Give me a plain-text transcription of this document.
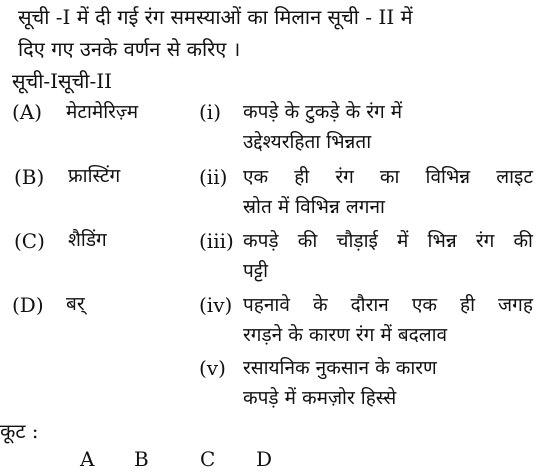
सूची -I में दी गई रंग समस्याओं का मिलान सूची - II में
दिए गए उनके वर्णन से करिए ।
सूची-Iसूची-II
(A) मेटामेरिज़्म
(B) फ्रास्टिंग
(C) शैडिंग
(D) बर्
(i) कपड़े के टुकड़े के रंग में
उद्देश्यरहिता भिन्नता
(ii) एक ही रंग का विभिन्न लाइट
स्रोत में विभिन्न लगना
(iii) कपड़े की चौड़ाई में भिन्न रंग की
पट्टी
(iv) पहनावे के दौरान एक ही जगह
रगड़ने के कारण रंग में बदलाव
(v) रसायनिक नुकसान के कारण
कपड़े में कमज़ोर हिस्से
कूट :
A B	C D
